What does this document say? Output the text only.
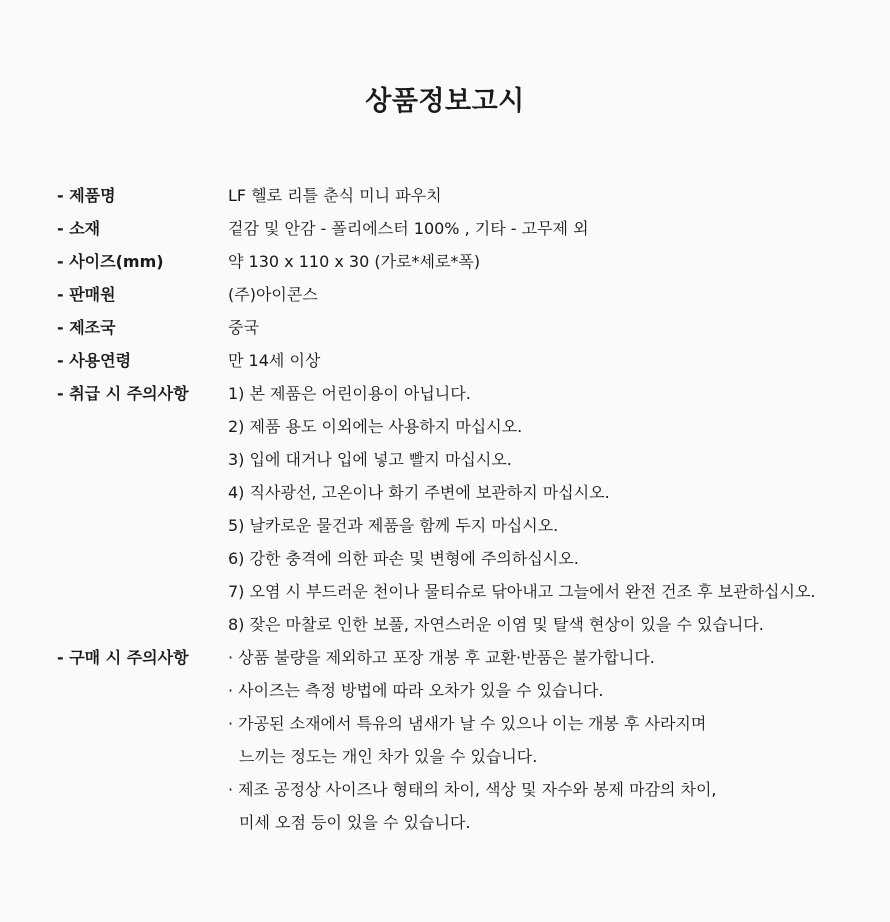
상품정보고시
- 제품명	LF 헬로 리틀 춘식 미니 파우치
- 소재	겉감 및 안감 - 폴리에스터 100% , 기타 - 고무제 외
- 사이즈(mm)	약 130 x 110 x 30 (가로*세로*폭)
- 판매원	(주)아이콘스
- 제조국	중국
- 사용연령	만 14세 이상
- 취급 시 주의사항	1) 본 제품은 어린이용이 아닙니다.
2) 제품 용도 이외에는 사용하지 마십시오.
3) 입에 대거나 입에 넣고 빨지 마십시오.
4) 직사광선, 고온이나 화기 주변에 보관하지 마십시오.
5) 날카로운 물건과 제품을 함께 두지 마십시오.
6) 강한 충격에 의한 파손 및 변형에 주의하십시오.
7) 오염 시 부드러운 천이나 물티슈로 닦아내고 그늘에서 완전 건조 후 보관하십시오.
8) 잦은 마찰로 인한 보풀, 자연스러운 이염 및 탈색 현상이 있을 수 있습니다.
- 구매 시 주의사항	· 상품 불량을 제외하고 포장 개봉 후 교환·반품은 불가합니다.
· 사이즈는 측정 방법에 따라 오차가 있을 수 있습니다.
· 가공된 소재에서 특유의 냄새가 날 수 있으나 이는 개봉 후 사라지며
느끼는 정도는 개인 차가 있을 수 있습니다.
· 제조 공정상 사이즈나 형태의 차이, 색상 및 자수와 봉제 마감의 차이,
미세 오점 등이 있을 수 있습니다.
